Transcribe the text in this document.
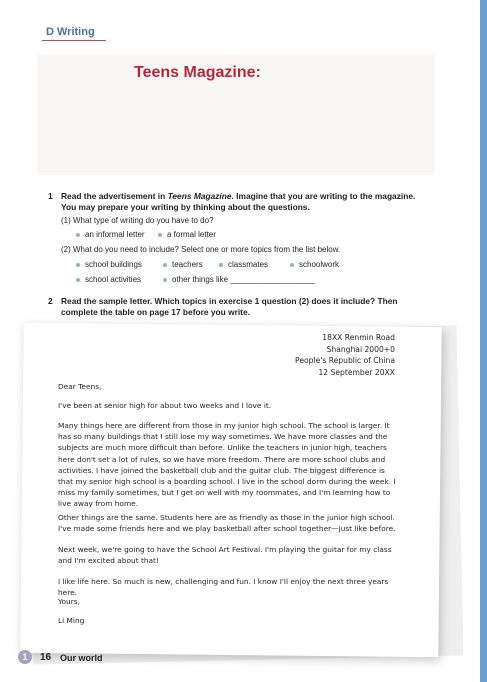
D Writing
Teens Magazine:
1 Read the advertisement in Teens Magazine. Imagine that you are writing to the magazine. You may prepare your writing by thinking about the questions.
(1) What type of writing do you have to do?
an informal letter	a formal letter
(2) What do you need to include? Select one or more topics from the list below.
school buildings	teachers	classmates	schoolwork
school activities	other things like ___________________
2 Read the sample letter. Which topics in exercise 1 question (2) does it include? Then complete the table on page 17 before you write.
18XX Renmin Road
Shanghai 2000+0
People's Republic of China
12 September 20XX
Dear Teens,
I've been at senior high for about two weeks and I love it.
Many things here are different from those in my junior high school. The school is larger. It has so many buildings that I still lose my way sometimes. We have more classes and the subjects are much more difficult than before. Unlike the teachers in junior high, teachers here don't set a lot of rules, so we have more freedom. There are more school clubs and activities. I have joined the basketball club and the guitar club. The biggest difference is that my senior high school is a boarding school. I live in the school dorm during the week. I miss my family sometimes, but I get on well with my roommates, and I'm learning how to live away from home.
Other things are the same. Students here are as friendly as those in the junior high school. I've made some friends here and we play basketball after school together—just like before.
Next week, we're going to have the School Art Festival. I'm playing the guitar for my class and I'm excited about that!
I like life here. So much is new, challenging and fun. I know I'll enjoy the next three years here.
Yours,
Li Ming
1	16 Our world
